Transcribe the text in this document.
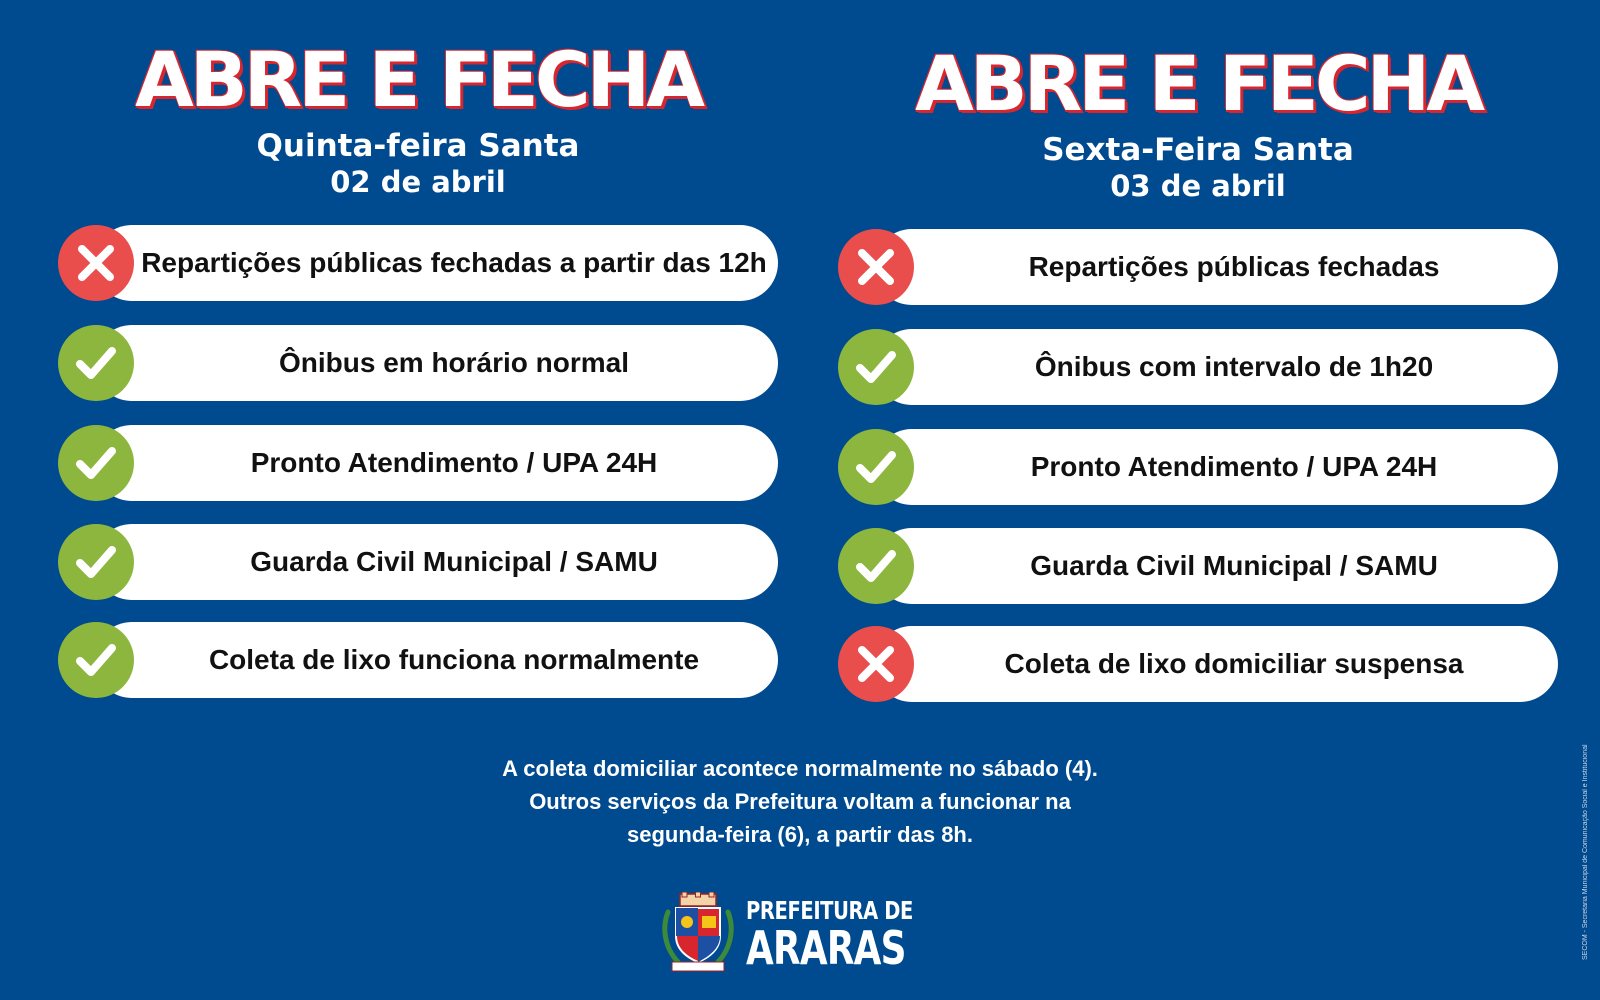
ABRE E FECHA
Quinta-feira Santa
02 de abril
Repartições públicas fechadas a partir das 12h
Ônibus em horário normal
Pronto Atendimento / UPA 24H
Guarda Civil Municipal / SAMU
Coleta de lixo funciona normalmente
ABRE E FECHA
Sexta-Feira Santa
03 de abril
Repartições públicas fechadas
Ônibus com intervalo de 1h20
Pronto Atendimento / UPA 24H
Guarda Civil Municipal / SAMU
Coleta de lixo domiciliar suspensa
A coleta domiciliar acontece normalmente no sábado (4).
Outros serviços da Prefeitura voltam a funcionar na
segunda-feira (6), a partir das 8h.
PREFEITURA DE
ARARAS	SECOM - Secretaria Municipal de Comunicação Social e Institucional
